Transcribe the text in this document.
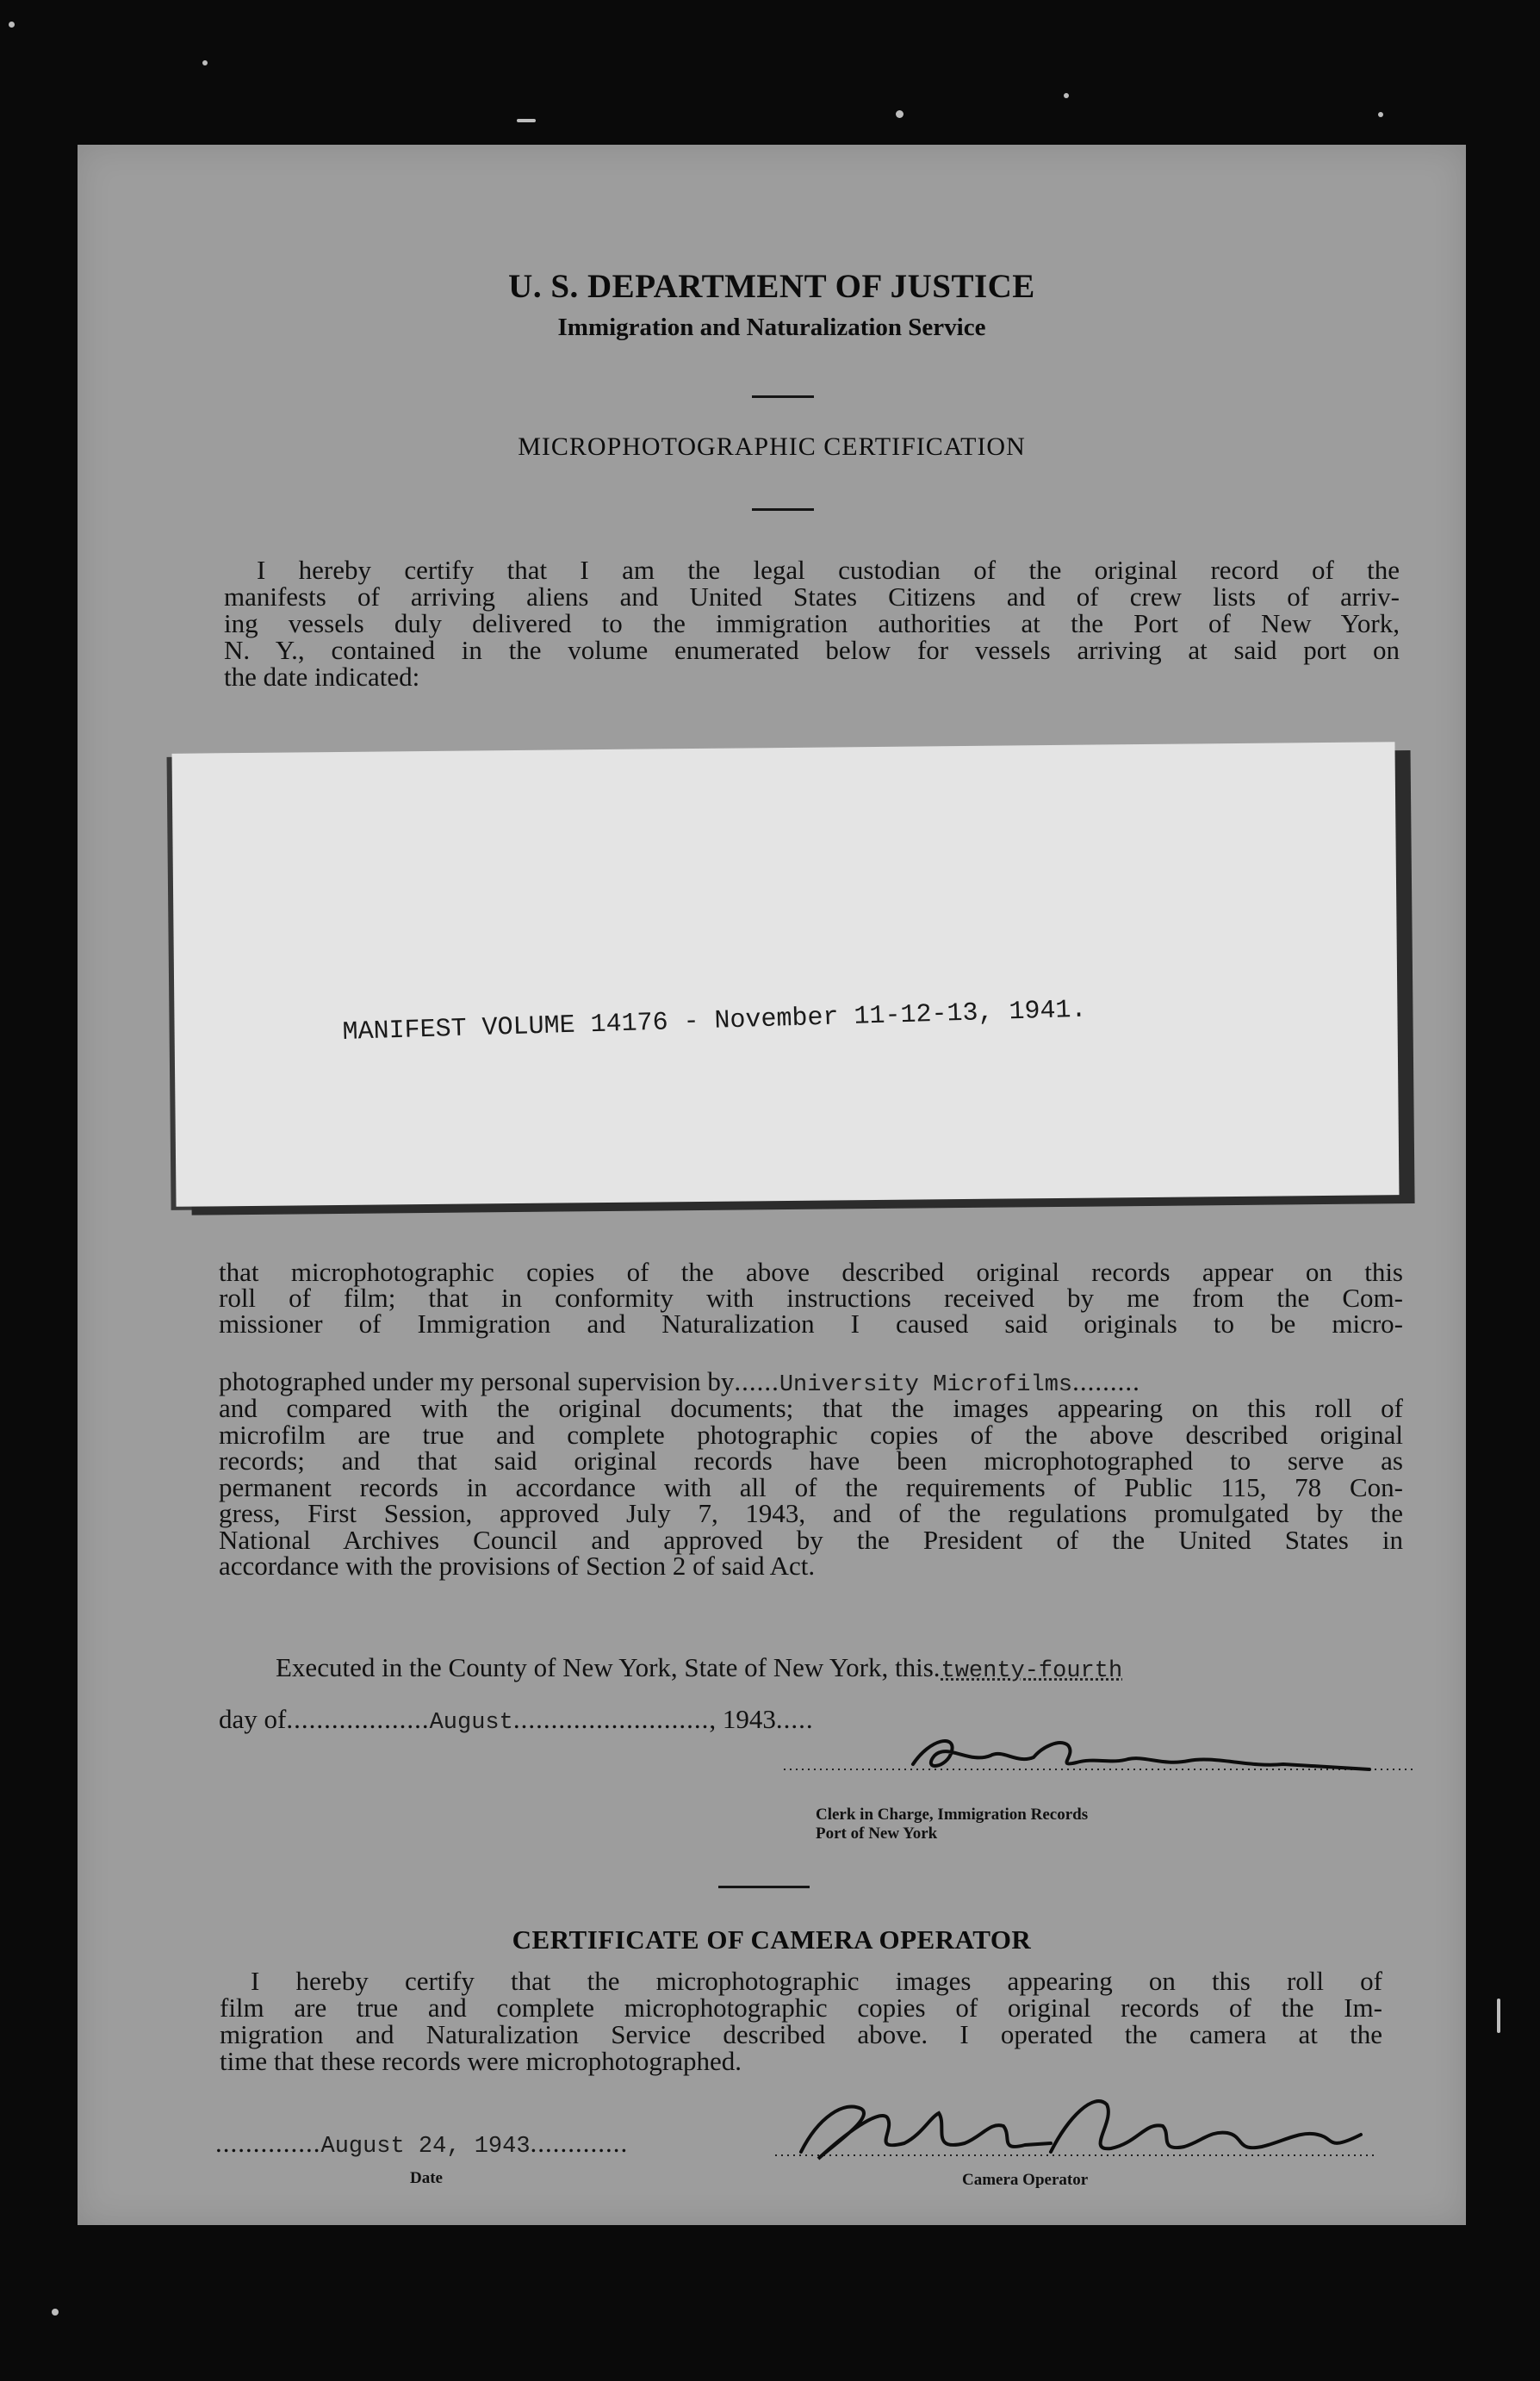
U. S. DEPARTMENT OF JUSTICE
Immigration and Naturalization Service
MICROPHOTOGRAPHIC CERTIFICATION
I hereby certify that I am the legal custodian of the original record of the
manifests of arriving aliens and United States Citizens and of crew lists of arriv-
ing vessels duly delivered to the immigration authorities at the Port of New York,
N. Y., contained in the volume enumerated below for vessels arriving at said port on
the date indicated:
MANIFEST VOLUME 14176 - November 11-12-13, 1941.
that microphotographic copies of the above described original records appear on this
roll of film; that in conformity with instructions received by me from the Com-
missioner of Immigration and Naturalization I caused said originals to be micro-
photographed under my personal supervision by ...... University Microfilms .........
and compared with the original documents; that the images appearing on this roll of
microfilm are true and complete photographic copies of the above described original
records; and that said original records have been microphotographed to serve as
permanent records in accordance with all of the requirements of Public 115, 78 Con-
gress, First Session, approved July 7, 1943, and of the regulations promulgated by the
National Archives Council and approved by the President of the United States in
accordance with the provisions of Section 2 of said Act.
Executed in the County of New York, State of New York, this.twenty-fourth
day of...................August.........................., 1943.....
Clerk in Charge, Immigration Records
Port of New York
CERTIFICATE OF CAMERA OPERATOR
I hereby certify that the microphotographic images appearing on this roll of
film are true and complete microphotographic copies of original records of the Im-
migration and Naturalization Service described above. I operated the camera at the
time that these records were microphotographed.
..............August 24, 1943.............
Date	Camera Operator
